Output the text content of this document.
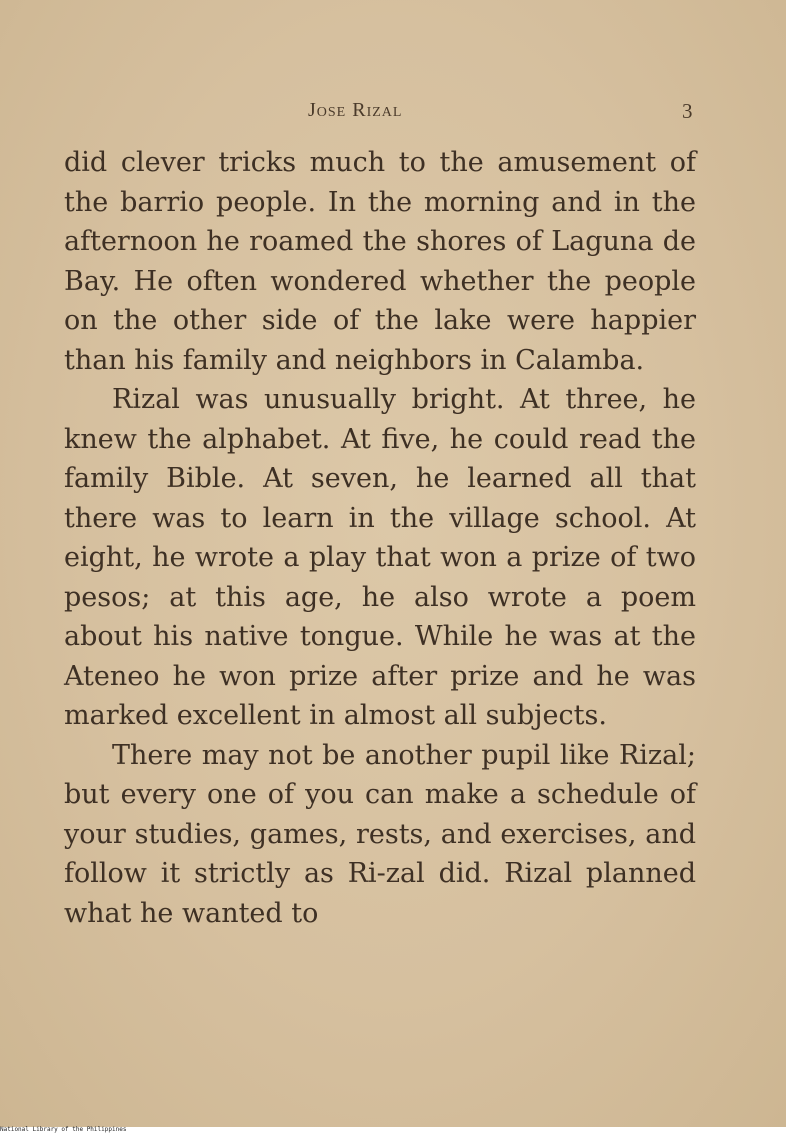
Jose Rizal	3

did clever tricks much to the amusement of the barrio people. In the morning and in the afternoon he roamed the shores of Laguna de Bay. He often wondered whether the people on the other side of the lake were happier than his family and neighbors in Calamba.

Rizal was unusually bright. At three, he knew the alphabet. At five, he could read the family Bible. At seven, he learned all that there was to learn in the village school. At eight, he wrote a play that won a prize of two pesos; at this age, he also wrote a poem about his native tongue. While he was at the Ateneo he won prize after prize and he was marked excellent in almost all subjects.

There may not be another pupil like Rizal; but every one of you can make a schedule of your studies, games, rests, and exercises, and follow it strictly as Ri-zal did. Rizal planned what he wanted to

National Library of the Philippines
